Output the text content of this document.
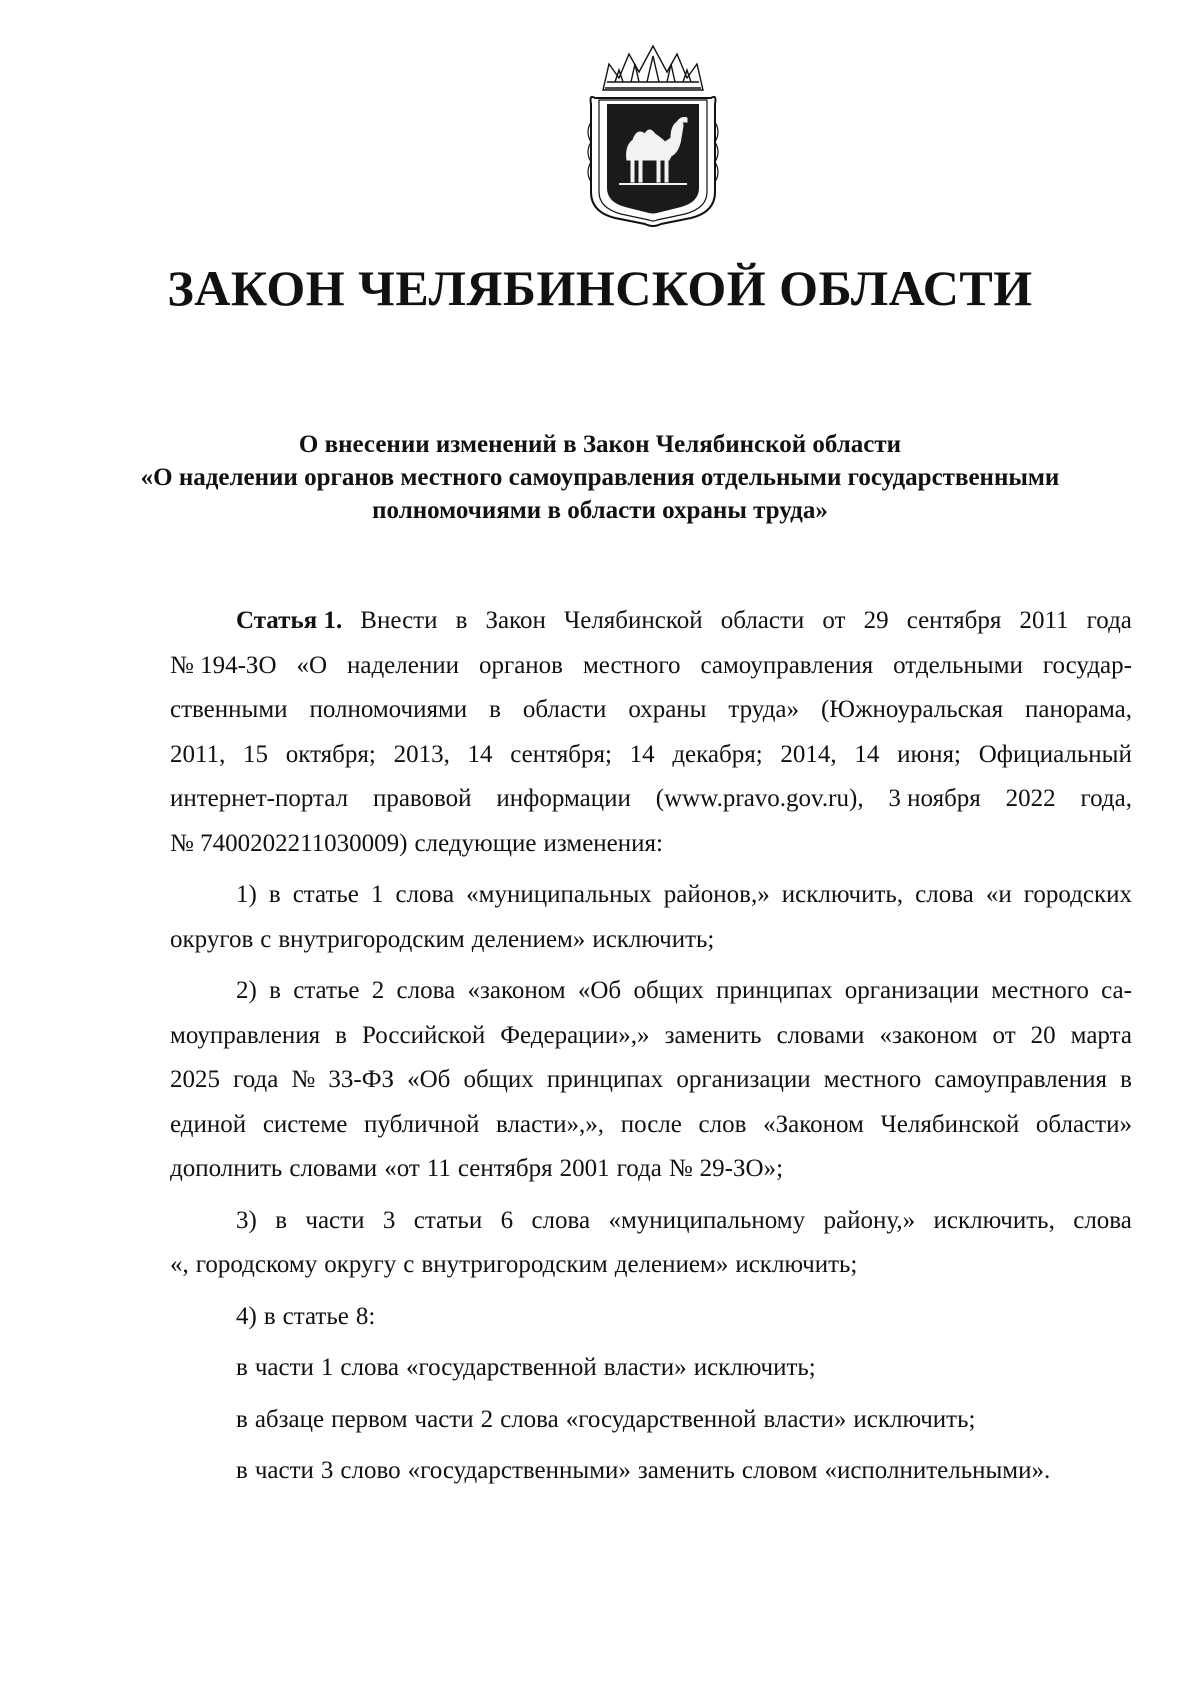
ЗАКОН ЧЕЛЯБИНСКОЙ ОБЛАСТИ
О внесении изменений в Закон Челябинской области
«О наделении органов местного самоуправления отдельными государственными
полномочиями в области охраны труда»
Статья 1. Внести в Закон Челябинской области от 29 сентября 2011 года
№ 194-ЗО «О наделении органов местного самоуправления отдельными государ-
ственными полномочиями в области охраны труда» (Южноуральская панорама,
2011, 15 октября; 2013, 14 сентября; 14 декабря; 2014, 14 июня; Официальный
интернет-портал правовой информации (www.pravo.gov.ru), 3 ноября 2022 года,
№ 7400202211030009) следующие изменения:
1) в статье 1 слова «муниципальных районов,» исключить, слова «и городских
округов с внутригородским делением» исключить;
2) в статье 2 слова «законом «Об общих принципах организации местного са-
моуправления в Российской Федерации»,» заменить словами «законом от 20 марта
2025 года № 33-ФЗ «Об общих принципах организации местного самоуправления в
единой системе публичной власти»,», после слов «Законом Челябинской области»
дополнить словами «от 11 сентября 2001 года № 29-ЗО»;
3) в части 3 статьи 6 слова «муниципальному району,» исключить, слова
«, городскому округу с внутригородским делением» исключить;
4) в статье 8:
в части 1 слова «государственной власти» исключить;
в абзаце первом части 2 слова «государственной власти» исключить;
в части 3 слово «государственными» заменить словом «исполнительными».
